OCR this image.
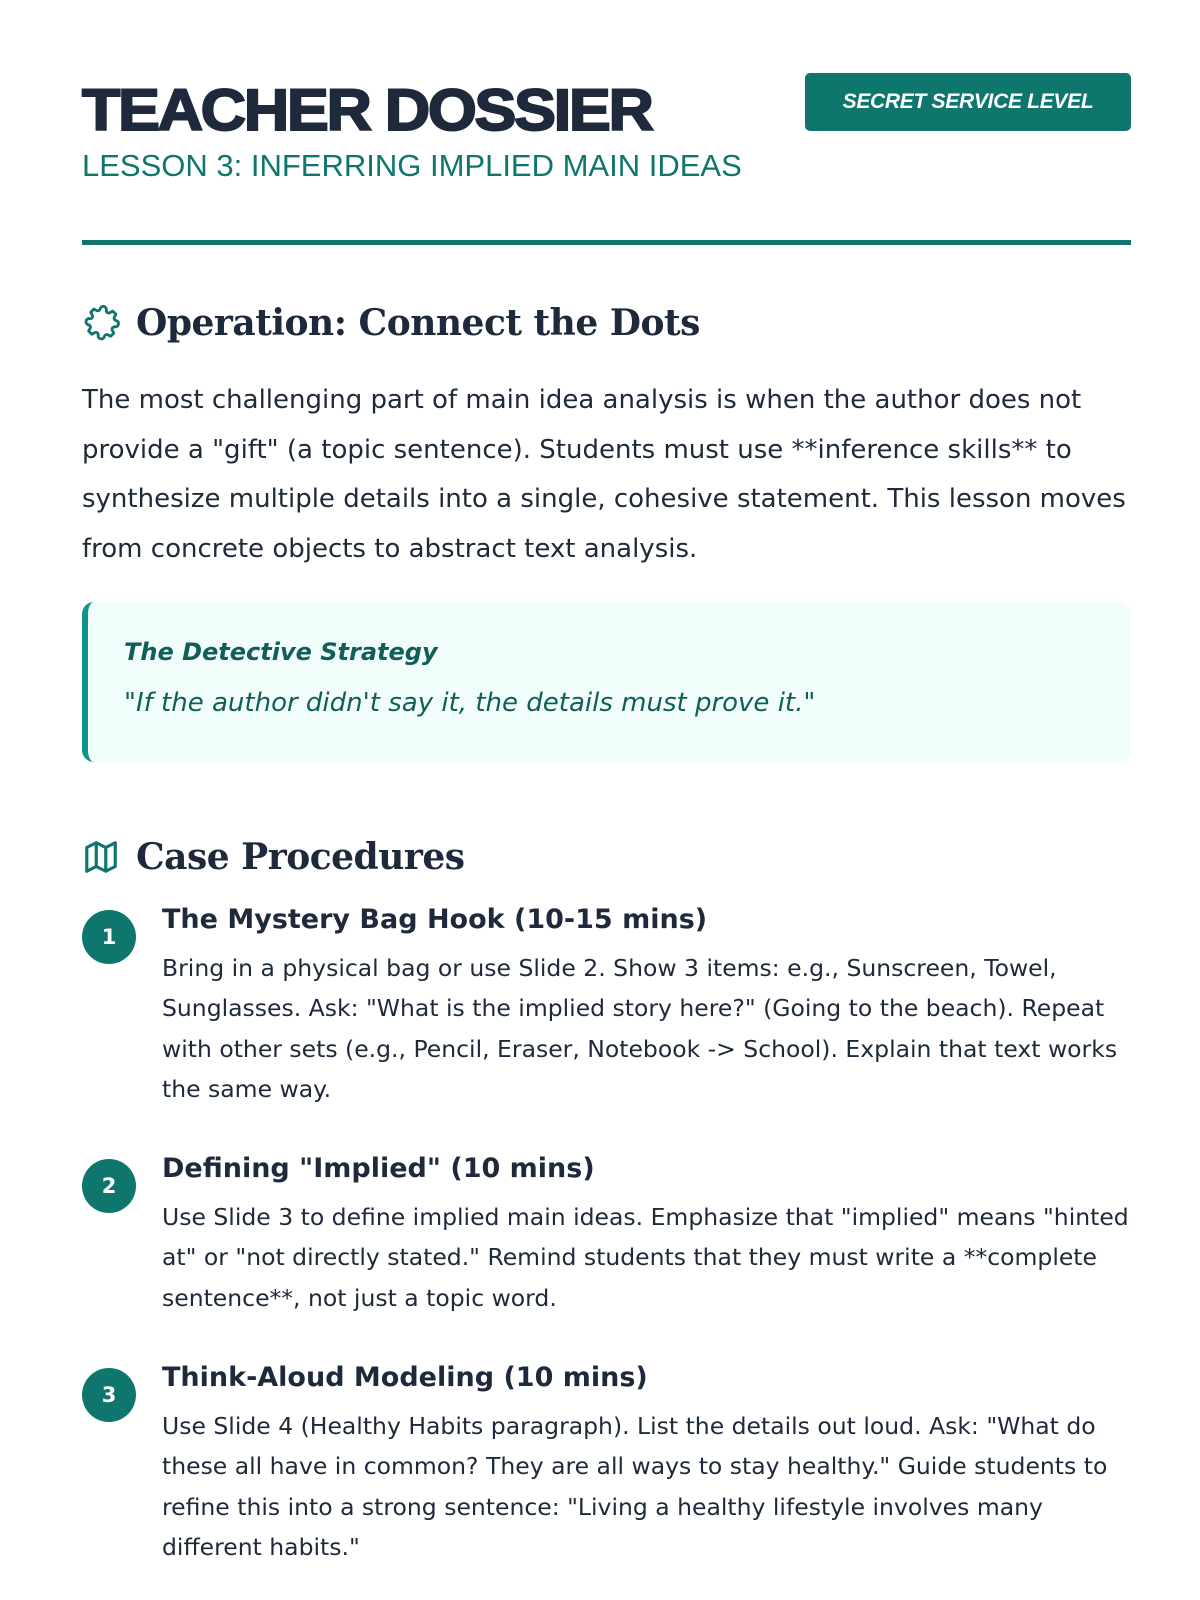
TEACHER DOSSIER
LESSON 3: INFERRING IMPLIED MAIN IDEAS
SECRET SERVICE LEVEL
Operation: Connect the Dots

The most challenging part of main idea analysis is when the author does not provide a "gift" (a topic sentence). Students must use **inference skills** to synthesize multiple details into a single, cohesive statement. This lesson moves from concrete objects to abstract text analysis.

The Detective Strategy
"If the author didn't say it, the details must prove it."
Case Procedures
1
The Mystery Bag Hook (10-15 mins)

Bring in a physical bag or use Slide 2. Show 3 items: e.g., Sunscreen, Towel, Sunglasses. Ask: "What is the implied story here?" (Going to the beach). Repeat with other sets (e.g., Pencil, Eraser, Notebook -> School). Explain that text works the same way.

2
Defining "Implied" (10 mins)

Use Slide 3 to define implied main ideas. Emphasize that "implied" means "hinted at" or "not directly stated." Remind students that they must write a **complete sentence**, not just a topic word.

3
Think-Aloud Modeling (10 mins)

Use Slide 4 (Healthy Habits paragraph). List the details out loud. Ask: "What do these all have in common? They are all ways to stay healthy." Guide students to refine this into a strong sentence: "Living a healthy lifestyle involves many different habits."
